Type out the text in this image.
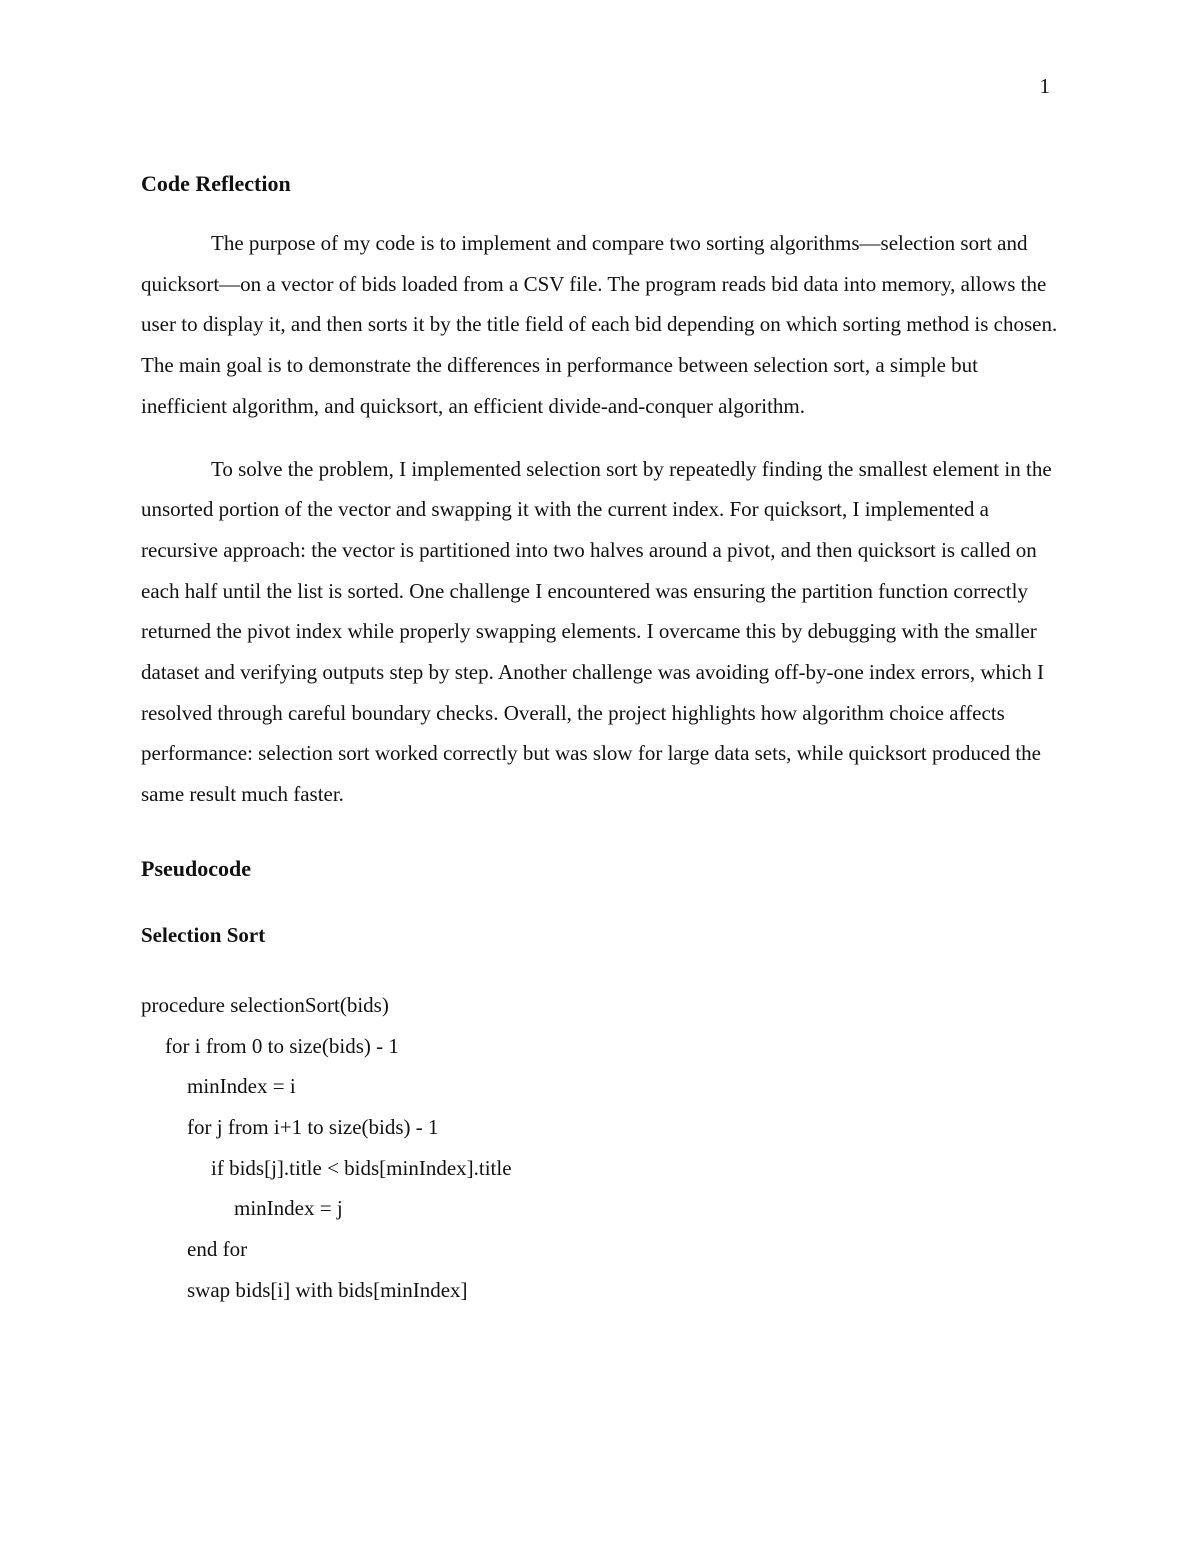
1
Code Reflection

The purpose of my code is to implement and compare two sorting algorithms—selection sort and quicksort—on a vector of bids loaded from a CSV file. The program reads bid data into memory, allows the user to display it, and then sorts it by the title field of each bid depending on which sorting method is chosen. The main goal is to demonstrate the differences in performance between selection sort, a simple but inefficient algorithm, and quicksort, an efficient divide-and-conquer algorithm.

To solve the problem, I implemented selection sort by repeatedly finding the smallest element in the unsorted portion of the vector and swapping it with the current index. For quicksort, I implemented a recursive approach: the vector is partitioned into two halves around a pivot, and then quicksort is called on each half until the list is sorted. One challenge I encountered was ensuring the partition function correctly returned the pivot index while properly swapping elements. I overcame this by debugging with the smaller dataset and verifying outputs step by step. Another challenge was avoiding off-by-one index errors, which I resolved through careful boundary checks. Overall, the project highlights how algorithm choice affects performance: selection sort worked correctly but was slow for large data sets, while quicksort produced the same result much faster.

Pseudocode
Selection Sort
procedure selectionSort(bids)
for i from 0 to size(bids) - 1
minIndex = i
for j from i+1 to size(bids) - 1
if bids[j].title < bids[minIndex].title
minIndex = j
end for
swap bids[i] with bids[minIndex]
